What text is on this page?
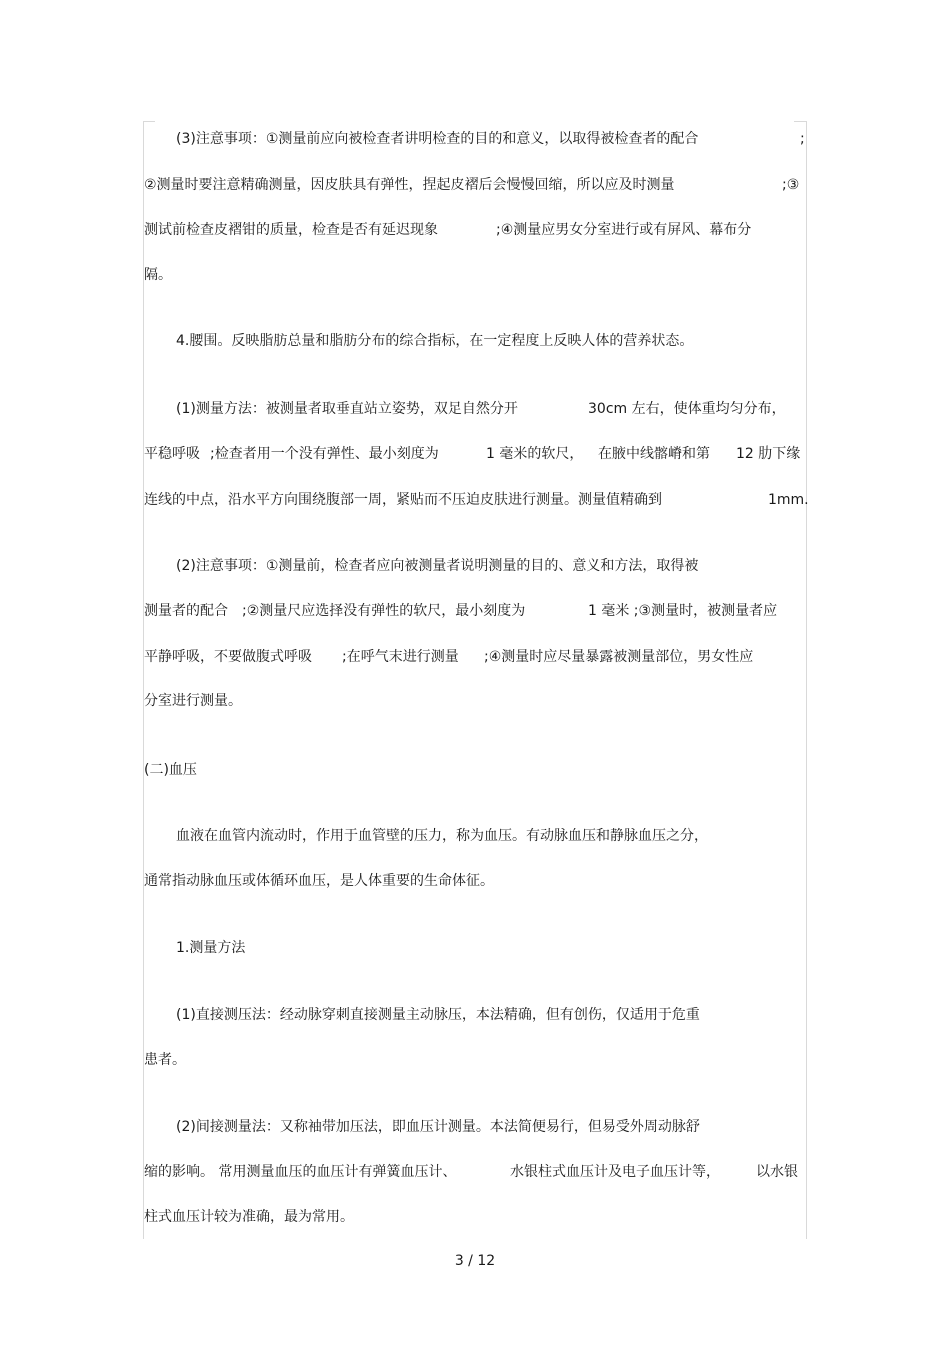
(3)注意事项：①测量前应向被检查者讲明检查的目的和意义，以取得被检查者的配合	;
②测量时要注意精确测量，因皮肤具有弹性，捏起皮褶后会慢慢回缩，所以应及时测量	;③
测试前检查皮褶钳的质量，检查是否有延迟现象	;④测量应男女分室进行或有屏风、幕布分
隔。
4.腰围。反映脂肪总量和脂肪分布的综合指标，在一定程度上反映人体的营养状态。
(1)测量方法：被测量者取垂直站立姿势，双足自然分开	30cm 左右，使体重均匀分布，
平稳呼吸 ;检查者用一个没有弹性、最小刻度为	1 毫米的软尺， 在腋中线髂嵴和第 12 肋下缘
连线的中点，沿水平方向围绕腹部一周，紧贴而不压迫皮肤进行测量。测量值精确到	1mm.
(2)注意事项：①测量前，检查者应向被测量者说明测量的目的、意义和方法，取得被
测量者的配合 ;②测量尺应选择没有弹性的软尺，最小刻度为	1 毫米 ;③测量时，被测量者应
平静呼吸，不要做腹式呼吸 ;在呼气末进行测量 ;④测量时应尽量暴露被测量部位，男女性应
分室进行测量。
(二)血压
血液在血管内流动时，作用于血管壁的压力，称为血压。有动脉血压和静脉血压之分，
通常指动脉血压或体循环血压，是人体重要的生命体征。
1.测量方法
(1)直接测压法：经动脉穿刺直接测量主动脉压，本法精确，但有创伤，仅适用于危重
患者。
(2)间接测量法：又称袖带加压法，即血压计测量。本法简便易行，但易受外周动脉舒
缩的影响。 常用测量血压的血压计有弹簧血压计、	水银柱式血压计及电子血压计等，	以水银
柱式血压计较为准确，最为常用。
3 / 12
